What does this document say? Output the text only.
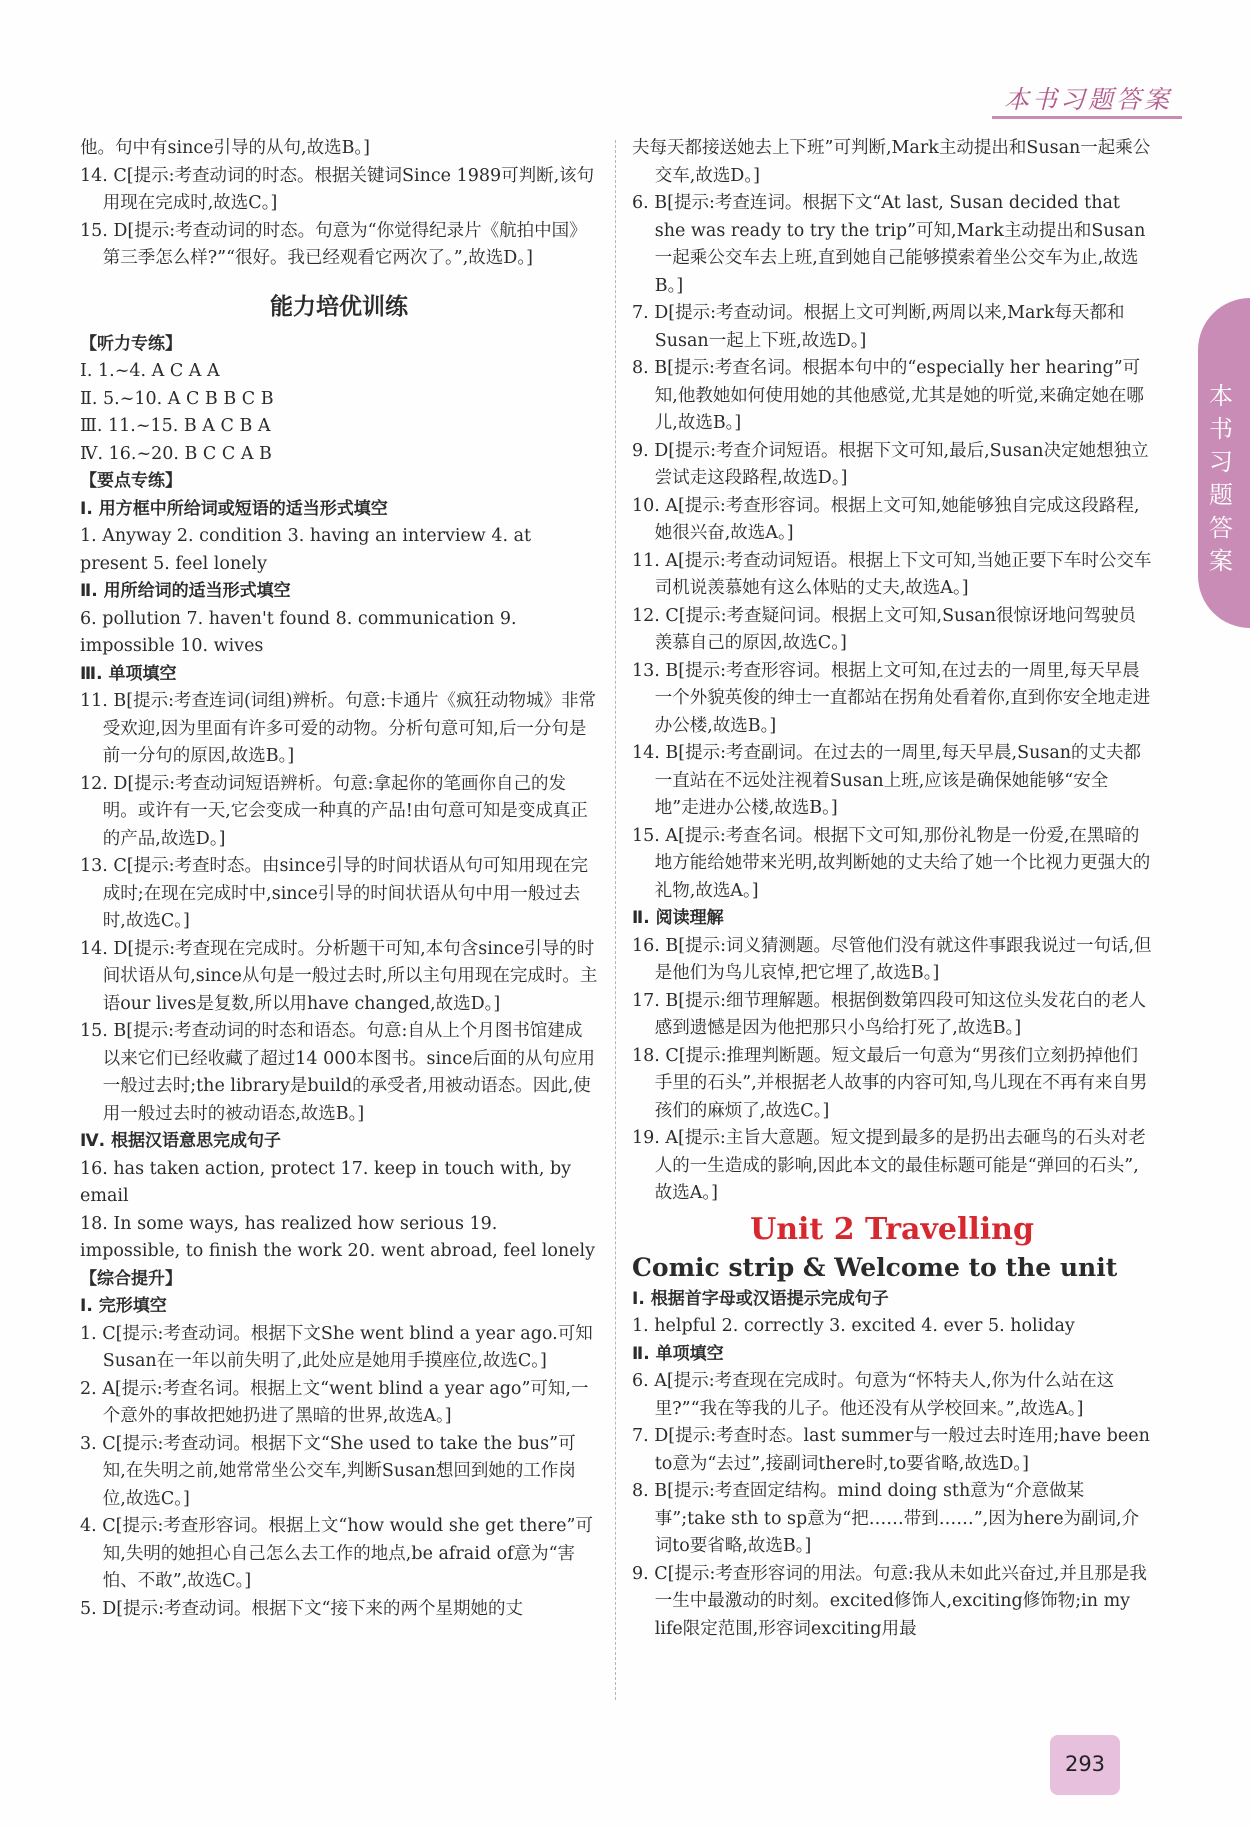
本书习题答案
本书习题答案

他。句中有since引导的从句,故选B。]

14. C[提示:考查动词的时态。根据关键词Since 1989可判断,该句用现在完成时,故选C。]

15. D[提示:考查动词的时态。句意为“你觉得纪录片《航拍中国》第三季怎么样?”“很好。我已经观看它两次了。”,故选D。]

能力培优训练

【听力专练】

Ⅰ. 1.~4. A C A A

Ⅱ. 5.~10. A C B B C B

Ⅲ. 11.~15. B A C B A

Ⅳ. 16.~20. B C C A B

【要点专练】

Ⅰ. 用方框中所给词或短语的适当形式填空

1. Anyway 2. condition 3. having an interview 4. at present 5. feel lonely

Ⅱ. 用所给词的适当形式填空

6. pollution 7. haven't found 8. communication 9. impossible 10. wives

Ⅲ. 单项填空

11. B[提示:考查连词(词组)辨析。句意:卡通片《疯狂动物城》非常受欢迎,因为里面有许多可爱的动物。分析句意可知,后一分句是前一分句的原因,故选B。]

12. D[提示:考查动词短语辨析。句意:拿起你的笔画你自己的发明。或许有一天,它会变成一种真的产品!由句意可知是变成真正的产品,故选D。]

13. C[提示:考查时态。由since引导的时间状语从句可知用现在完成时;在现在完成时中,since引导的时间状语从句中用一般过去时,故选C。]

14. D[提示:考查现在完成时。分析题干可知,本句含since引导的时间状语从句,since从句是一般过去时,所以主句用现在完成时。主语our lives是复数,所以用have changed,故选D。]

15. B[提示:考查动词的时态和语态。句意:自从上个月图书馆建成以来它们已经收藏了超过14 000本图书。since后面的从句应用一般过去时;the library是build的承受者,用被动语态。因此,使用一般过去时的被动语态,故选B。]

Ⅳ. 根据汉语意思完成句子

16. has taken action, protect 17. keep in touch with, by email

18. In some ways, has realized how serious 19. impossible, to finish the work 20. went abroad, feel lonely

【综合提升】

Ⅰ. 完形填空

1. C[提示:考查动词。根据下文She went blind a year ago.可知Susan在一年以前失明了,此处应是她用手摸座位,故选C。]

2. A[提示:考查名词。根据上文“went blind a year ago”可知,一个意外的事故把她扔进了黑暗的世界,故选A。]

3. C[提示:考查动词。根据下文“She used to take the bus”可知,在失明之前,她常常坐公交车,判断Susan想回到她的工作岗位,故选C。]

4. C[提示:考查形容词。根据上文“how would she get there”可知,失明的她担心自己怎么去工作的地点,be afraid of意为“害怕、不敢”,故选C。]

5. D[提示:考查动词。根据下文“接下来的两个星期她的丈

夫每天都接送她去上下班”可判断,Mark主动提出和Susan一起乘公交车,故选D。]

6. B[提示:考查连词。根据下文“At last, Susan decided that she was ready to try the trip”可知,Mark主动提出和Susan一起乘公交车去上班,直到她自己能够摸索着坐公交车为止,故选B。]

7. D[提示:考查动词。根据上文可判断,两周以来,Mark每天都和Susan一起上下班,故选D。]

8. B[提示:考查名词。根据本句中的“especially her hearing”可知,他教她如何使用她的其他感觉,尤其是她的听觉,来确定她在哪儿,故选B。]

9. D[提示:考查介词短语。根据下文可知,最后,Susan决定她想独立尝试走这段路程,故选D。]

10. A[提示:考查形容词。根据上文可知,她能够独自完成这段路程,她很兴奋,故选A。]

11. A[提示:考查动词短语。根据上下文可知,当她正要下车时公交车司机说羡慕她有这么体贴的丈夫,故选A。]

12. C[提示:考查疑问词。根据上文可知,Susan很惊讶地问驾驶员羡慕自己的原因,故选C。]

13. B[提示:考查形容词。根据上文可知,在过去的一周里,每天早晨一个外貌英俊的绅士一直都站在拐角处看着你,直到你安全地走进办公楼,故选B。]

14. B[提示:考查副词。在过去的一周里,每天早晨,Susan的丈夫都一直站在不远处注视着Susan上班,应该是确保她能够“安全地”走进办公楼,故选B。]

15. A[提示:考查名词。根据下文可知,那份礼物是一份爱,在黑暗的地方能给她带来光明,故判断她的丈夫给了她一个比视力更强大的礼物,故选A。]

Ⅱ. 阅读理解

16. B[提示:词义猜测题。尽管他们没有就这件事跟我说过一句话,但是他们为鸟儿哀悼,把它埋了,故选B。]

17. B[提示:细节理解题。根据倒数第四段可知这位头发花白的老人感到遗憾是因为他把那只小鸟给打死了,故选B。]

18. C[提示:推理判断题。短文最后一句意为“男孩们立刻扔掉他们手里的石头”,并根据老人故事的内容可知,鸟儿现在不再有来自男孩们的麻烦了,故选C。]

19. A[提示:主旨大意题。短文提到最多的是扔出去砸鸟的石头对老人的一生造成的影响,因此本文的最佳标题可能是“弹回的石头”,故选A。]

Unit 2 Travelling

Comic strip & Welcome to the unit

Ⅰ. 根据首字母或汉语提示完成句子

1. helpful 2. correctly 3. excited 4. ever 5. holiday

Ⅱ. 单项填空

6. A[提示:考查现在完成时。句意为“怀特夫人,你为什么站在这里?”“我在等我的儿子。他还没有从学校回来。”,故选A。]

7. D[提示:考查时态。last summer与一般过去时连用;have been to意为“去过”,接副词there时,to要省略,故选D。]

8. B[提示:考查固定结构。mind doing sth意为“介意做某事”;take sth to sp意为“把……带到……”,因为here为副词,介词to要省略,故选B。]

9. C[提示:考查形容词的用法。句意:我从未如此兴奋过,并且那是我一生中最激动的时刻。excited修饰人,exciting修饰物;in my life限定范围,形容词exciting用最

293
